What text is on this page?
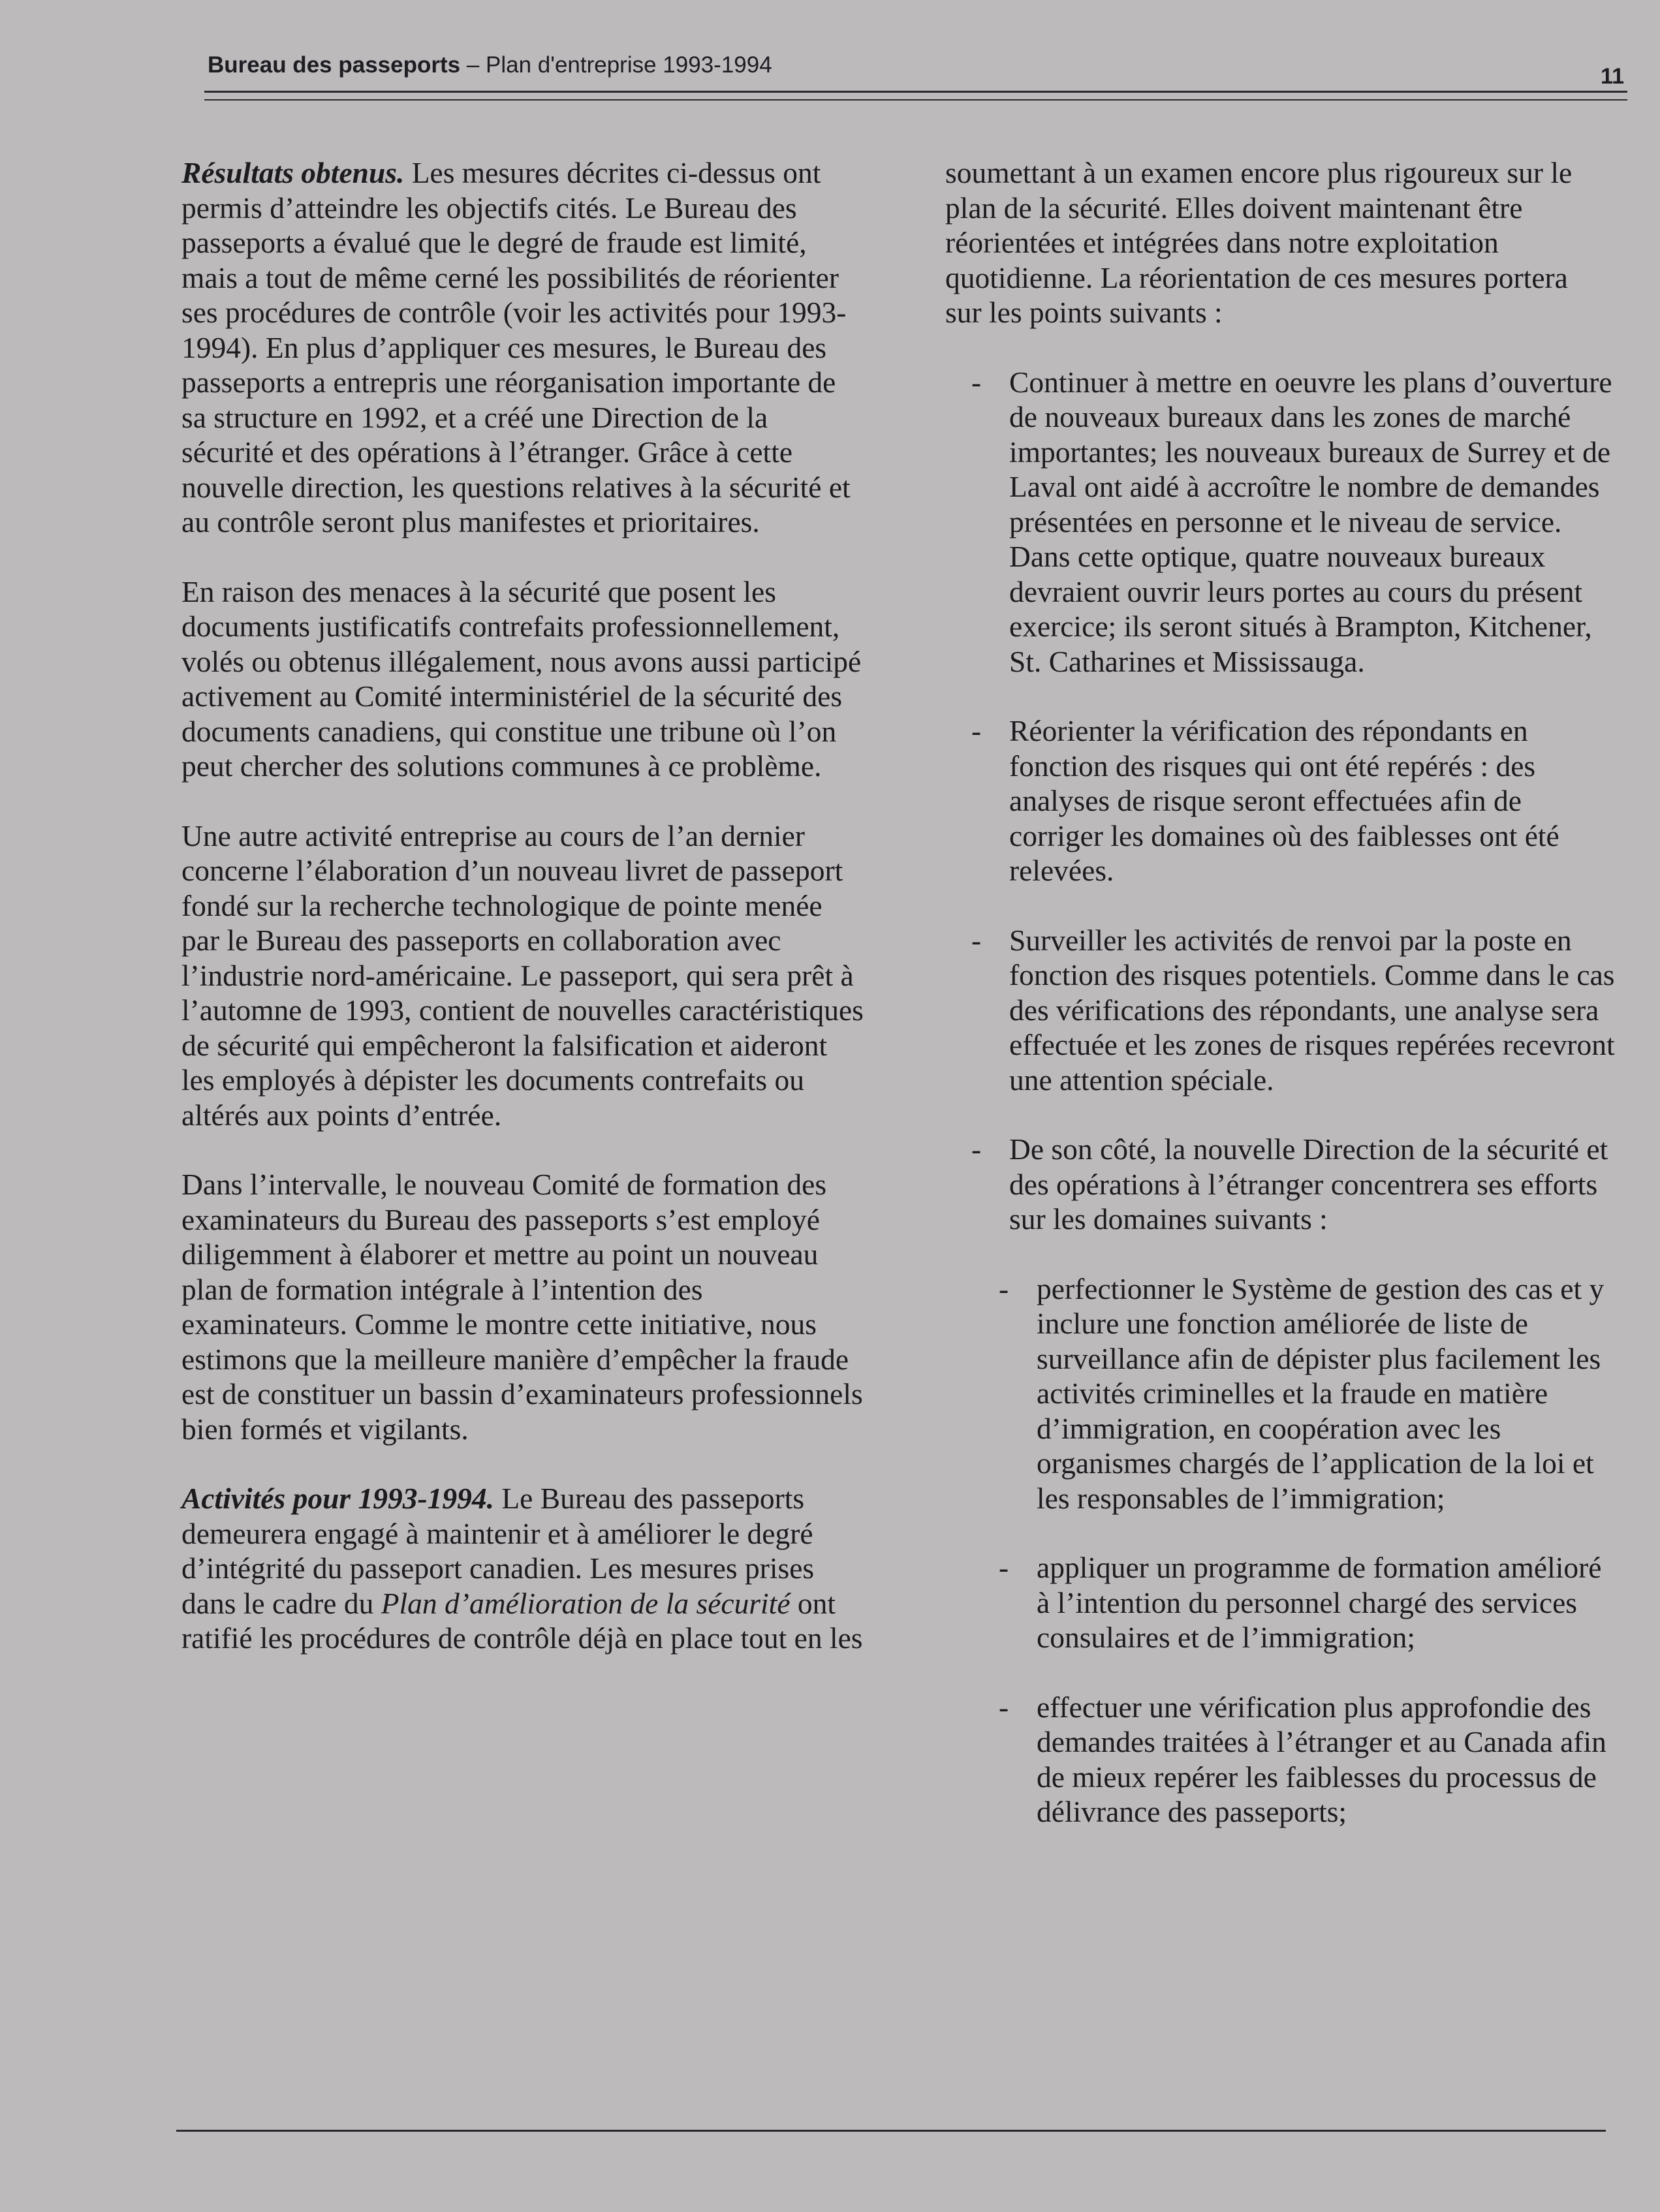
Bureau des passeports – Plan d'entreprise 1993-1994	11

Résultats obtenus. Les mesures décrites ci-dessus ont permis d’atteindre les objectifs cités. Le Bureau des passeports a évalué que le degré de fraude est limité, mais a tout de même cerné les possibilités de réorienter ses procédures de contrôle (voir les activités pour 1993-1994). En plus d’appliquer ces mesures, le Bureau des passeports a entrepris une réorganisation importante de sa structure en 1992, et a créé une Direction de la sécurité et des opérations à l’étranger. Grâce à cette nouvelle direction, les questions relatives à la sécurité et au contrôle seront plus manifestes et prioritaires.

En raison des menaces à la sécurité que posent les documents justificatifs contrefaits professionnellement, volés ou obtenus illégalement, nous avons aussi participé activement au Comité interministériel de la sécurité des documents canadiens, qui constitue une tribune où l’on peut chercher des solutions communes à ce problème.

Une autre activité entreprise au cours de l’an dernier concerne l’élaboration d’un nouveau livret de passeport fondé sur la recherche technologique de pointe menée par le Bureau des passeports en collaboration avec l’industrie nord-américaine. Le passeport, qui sera prêt à l’automne de 1993, contient de nouvelles caractéristiques de sécurité qui empêcheront la falsification et aideront les employés à dépister les documents contrefaits ou altérés aux points d’entrée.

Dans l’intervalle, le nouveau Comité de formation des examinateurs du Bureau des passeports s’est employé diligemment à élaborer et mettre au point un nouveau plan de formation intégrale à l’intention des examinateurs. Comme le montre cette initiative, nous estimons que la meilleure manière d’empêcher la fraude est de constituer un bassin d’examinateurs professionnels bien formés et vigilants.

Activités pour 1993-1994. Le Bureau des passeports demeurera engagé à maintenir et à améliorer le degré d’intégrité du passeport canadien. Les mesures prises dans le cadre du Plan d’amélioration de la sécurité ont ratifié les procédures de contrôle déjà en place tout en les

soumettant à un examen encore plus rigoureux sur le plan de la sécurité. Elles doivent maintenant être réorientées et intégrées dans notre exploitation quotidienne. La réorientation de ces mesures portera sur les points suivants :

- Continuer à mettre en oeuvre les plans d’ouverture de nouveaux bureaux dans les zones de marché importantes; les nouveaux bureaux de Surrey et de Laval ont aidé à accroître le nombre de demandes présentées en personne et le niveau de service. Dans cette optique, quatre nouveaux bureaux devraient ouvrir leurs portes au cours du présent exercice; ils seront situés à Brampton, Kitchener, St. Catharines et Mississauga.

- Réorienter la vérification des répondants en fonction des risques qui ont été repérés : des analyses de risque seront effectuées afin de corriger les domaines où des faiblesses ont été relevées.

- Surveiller les activités de renvoi par la poste en fonction des risques potentiels. Comme dans le cas des vérifications des répondants, une analyse sera effectuée et les zones de risques repérées recevront une attention spéciale.

- De son côté, la nouvelle Direction de la sécurité et des opérations à l’étranger concentrera ses efforts sur les domaines suivants :

- perfectionner le Système de gestion des cas et y inclure une fonction améliorée de liste de surveillance afin de dépister plus facilement les activités criminelles et la fraude en matière d’immigration, en coopération avec les organismes chargés de l’application de la loi et les responsables de l’immigration;

- appliquer un programme de formation amélioré à l’intention du personnel chargé des services consulaires et de l’immigration;

- effectuer une vérification plus approfondie des demandes traitées à l’étranger et au Canada afin de mieux repérer les faiblesses du processus de délivrance des passeports;
